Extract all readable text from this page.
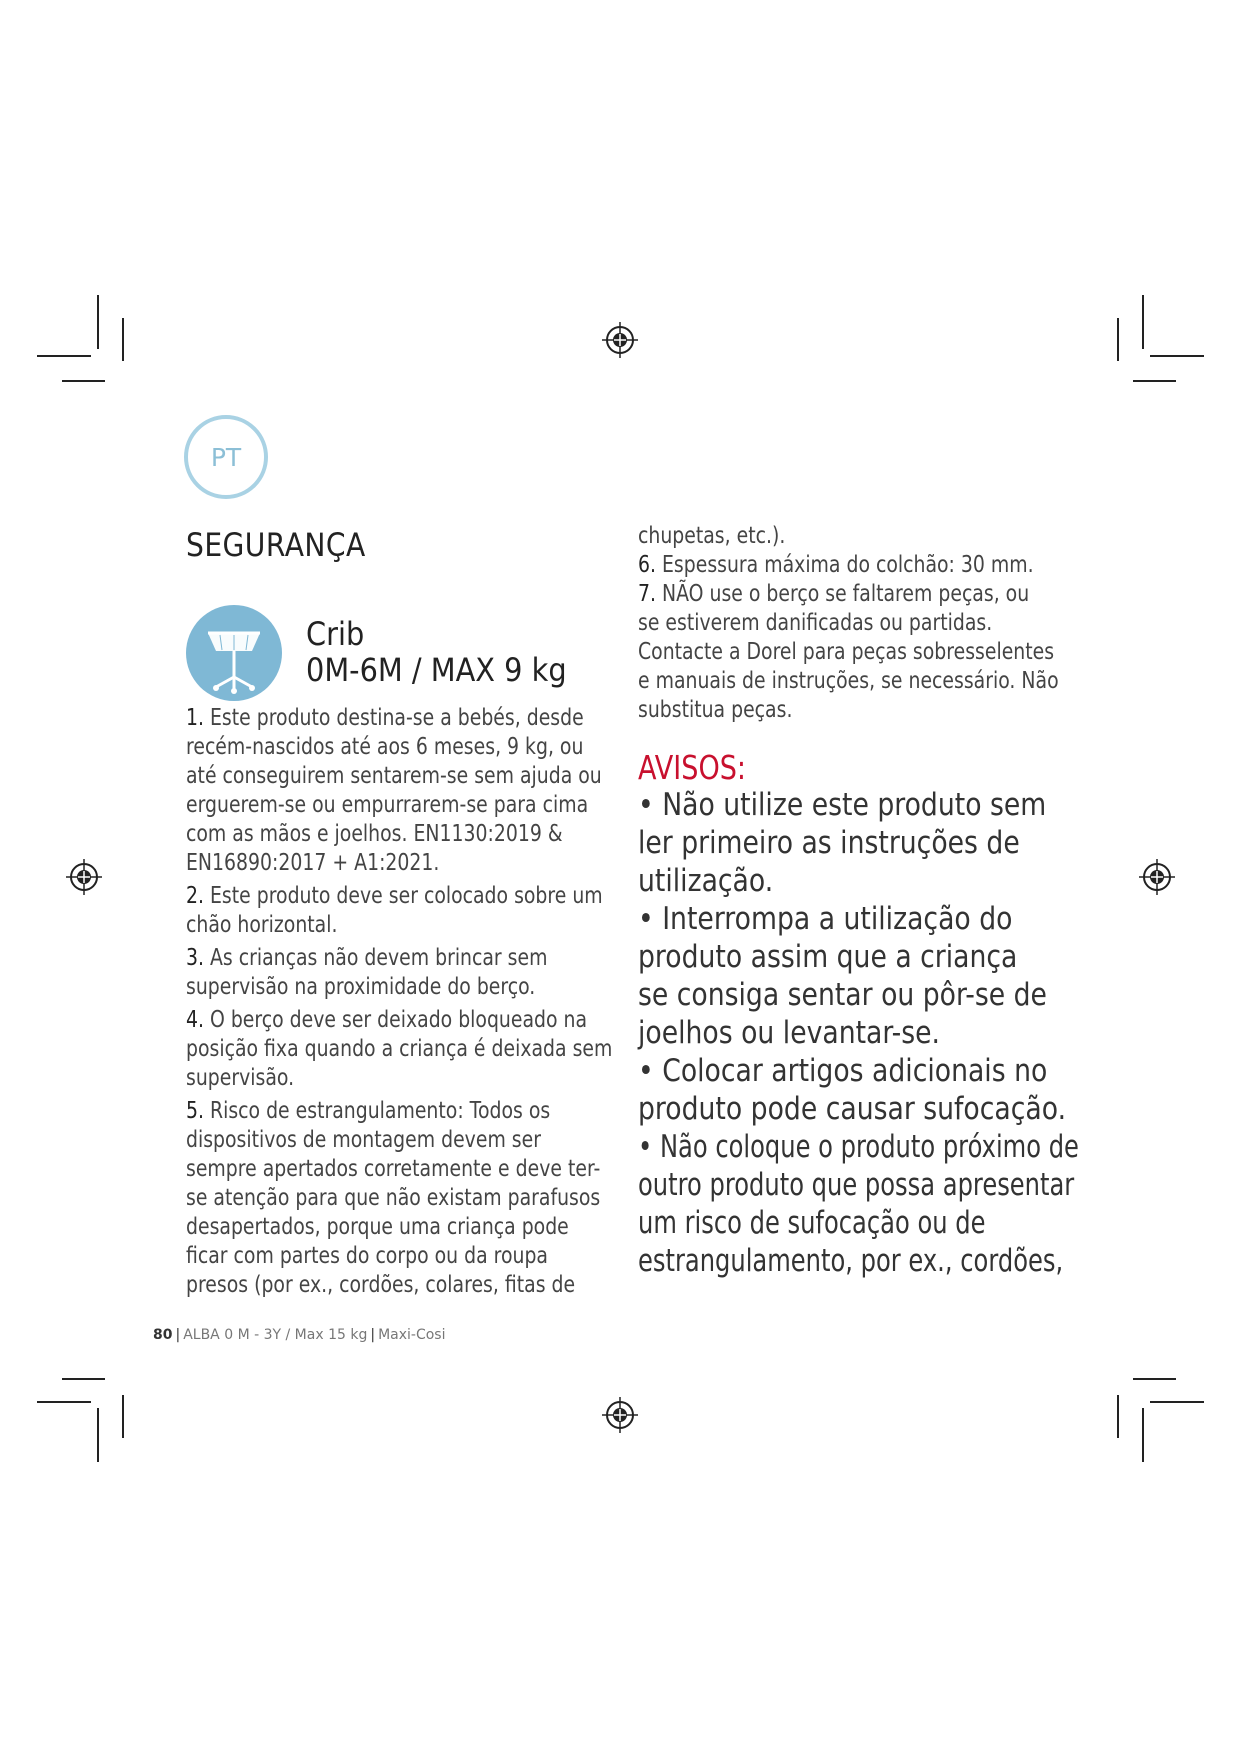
PT
SEGURANÇA
Crib
0M-6M / MAX 9 kg
1. Este produto destina-se a bebés, desde
recém-nascidos até aos 6 meses, 9 kg, ou
até conseguirem sentarem-se sem ajuda ou
erguerem-se ou empurrarem-se para cima
com as mãos e joelhos. EN1130:2019 &
EN16890:2017 + A1:2021.
2. Este produto deve ser colocado sobre um
chão horizontal.
3. As crianças não devem brincar sem
supervisão na proximidade do berço.
4. O berço deve ser deixado bloqueado na
posição fixa quando a criança é deixada sem
supervisão.
5. Risco de estrangulamento: Todos os
dispositivos de montagem devem ser
sempre apertados corretamente e deve ter-
se atenção para que não existam parafusos
desapertados, porque uma criança pode
ficar com partes do corpo ou da roupa
presos (por ex., cordões, colares, fitas de
chupetas, etc.).
6. Espessura máxima do colchão: 30 mm.
7. NÃO use o berço se faltarem peças, ou
se estiverem danificadas ou partidas.
Contacte a Dorel para peças sobresselentes
e manuais de instruções, se necessário. Não
substitua peças.
AVISOS:
• Não utilize este produto sem
ler primeiro as instruções de
utilização.
• Interrompa a utilização do
produto assim que a criança
se consiga sentar ou pôr-se de
joelhos ou levantar-se.
• Colocar artigos adicionais no
produto pode causar sufocação.
• Não coloque o produto próximo de
outro produto que possa apresentar
um risco de sufocação ou de
estrangulamento, por ex., cordões,
80 | ALBA 0 M - 3Y / Max 15 kg | Maxi-Cosi
